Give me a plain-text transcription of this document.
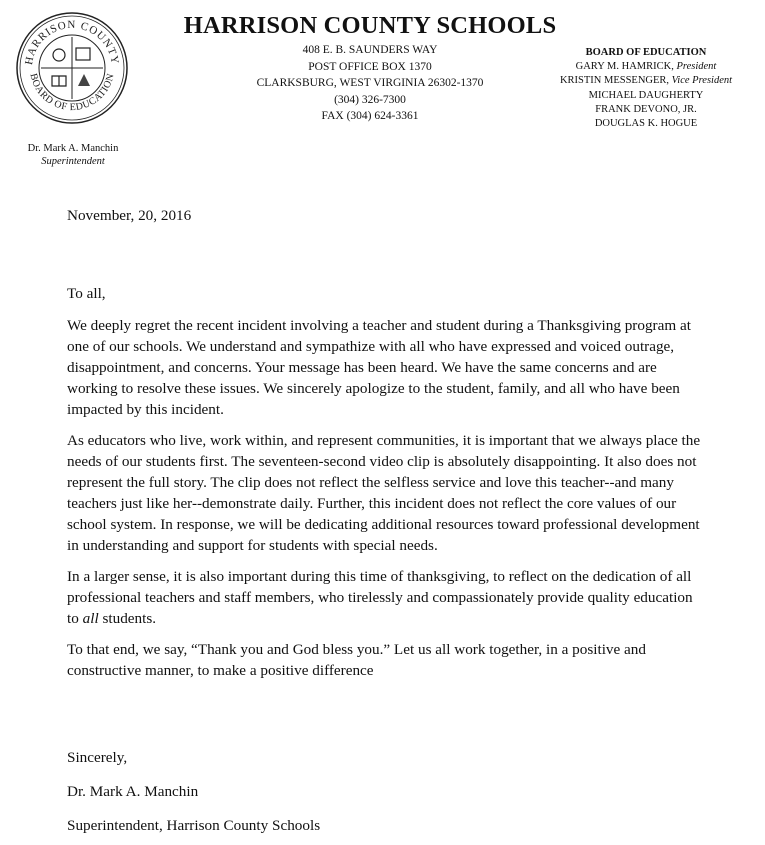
HARRISON COUNTY
BOARD OF EDUCATION
Dr. Mark A. Manchin
Superintendent
HARRISON COUNTY SCHOOLS
408 E. B. SAUNDERS WAY
POST OFFICE BOX 1370
CLARKSBURG, WEST VIRGINIA 26302-1370
(304) 326-7300
FAX (304) 624-3361
BOARD OF EDUCATION
GARY M. HAMRICK, President
KRISTIN MESSENGER, Vice President
MICHAEL DAUGHERTY
FRANK DEVONO, JR.
DOUGLAS K. HOGUE

November, 20, 2016

To all,

We deeply regret the recent incident involving a teacher and student during a Thanksgiving program at one of our schools. We understand and sympathize with all who have expressed and voiced outrage, disappointment, and concerns. Your message has been heard. We have the same concerns and are working to resolve these issues. We sincerely apologize to the student, family, and all who have been impacted by this incident.

As educators who live, work within, and represent communities, it is important that we always place the needs of our students first. The seventeen-second video clip is absolutely disappointing. It also does not represent the full story. The clip does not reflect the selfless service and love this teacher--and many teachers just like her--demonstrate daily. Further, this incident does not reflect the core values of our school system. In response, we will be dedicating additional resources toward professional development in understanding and support for students with special needs.

In a larger sense, it is also important during this time of thanksgiving, to reflect on the dedication of all professional teachers and staff members, who tirelessly and compassionately provide quality education to all students.

To that end, we say, “Thank you and God bless you.” Let us all work together, in a positive and constructive manner, to make a positive difference

Sincerely,
Dr. Mark A. Manchin
Superintendent, Harrison County Schools
